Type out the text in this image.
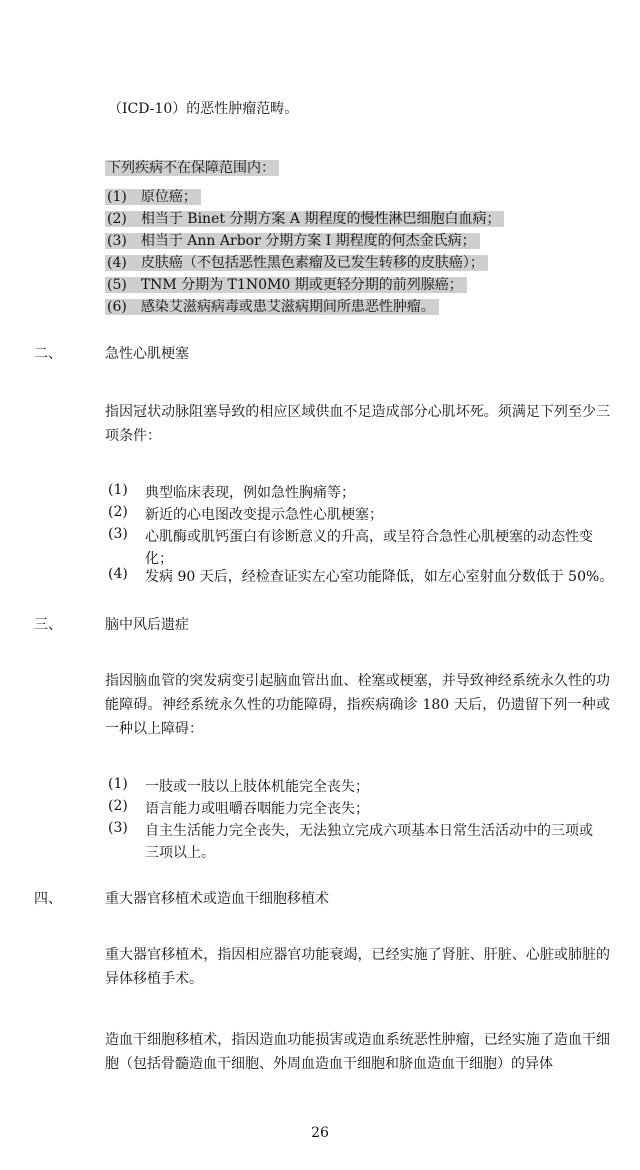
（ICD-10）的恶性肿瘤范畴。
下列疾病不在保障范围内：
(1)  原位癌；
(2)  相当于 Binet 分期方案 A 期程度的慢性淋巴细胞白血病；
(3)  相当于 Ann Arbor 分期方案 I 期程度的何杰金氏病；
(4)  皮肤癌（不包括恶性黑色素瘤及已发生转移的皮肤癌）；
(5)  TNM 分期为 T1N0M0 期或更轻分期的前列腺癌；
(6)  感染艾滋病病毒或患艾滋病期间所患恶性肿瘤。
二、	急性心肌梗塞
指因冠状动脉阻塞导致的相应区域供血不足造成部分心肌坏死。须满足下列至少三项条件：
(1) 典型临床表现，例如急性胸痛等；
(2) 新近的心电图改变提示急性心肌梗塞；
(3) 心肌酶或肌钙蛋白有诊断意义的升高，或呈符合急性心肌梗塞的动态性变
化；
(4) 发病 90 天后，经检查证实左心室功能降低，如左心室射血分数低于 50%。
三、	脑中风后遗症
指因脑血管的突发病变引起脑血管出血、栓塞或梗塞，并导致神经系统永久性的功能障碍。神经系统永久性的功能障碍，指疾病确诊 180 天后，仍遗留下列一种或一种以上障碍：
(1) 一肢或一肢以上肢体机能完全丧失；
(2) 语言能力或咀嚼吞咽能力完全丧失；
(3) 自主生活能力完全丧失，无法独立完成六项基本日常生活活动中的三项或
三项以上。
四、	重大器官移植术或造血干细胞移植术
重大器官移植术，指因相应器官功能衰竭，已经实施了肾脏、肝脏、心脏或肺脏的异体移植手术。
造血干细胞移植术，指因造血功能损害或造血系统恶性肿瘤，已经实施了造血干细胞（包括骨髓造血干细胞、外周血造血干细胞和脐血造血干细胞）的异体
26
